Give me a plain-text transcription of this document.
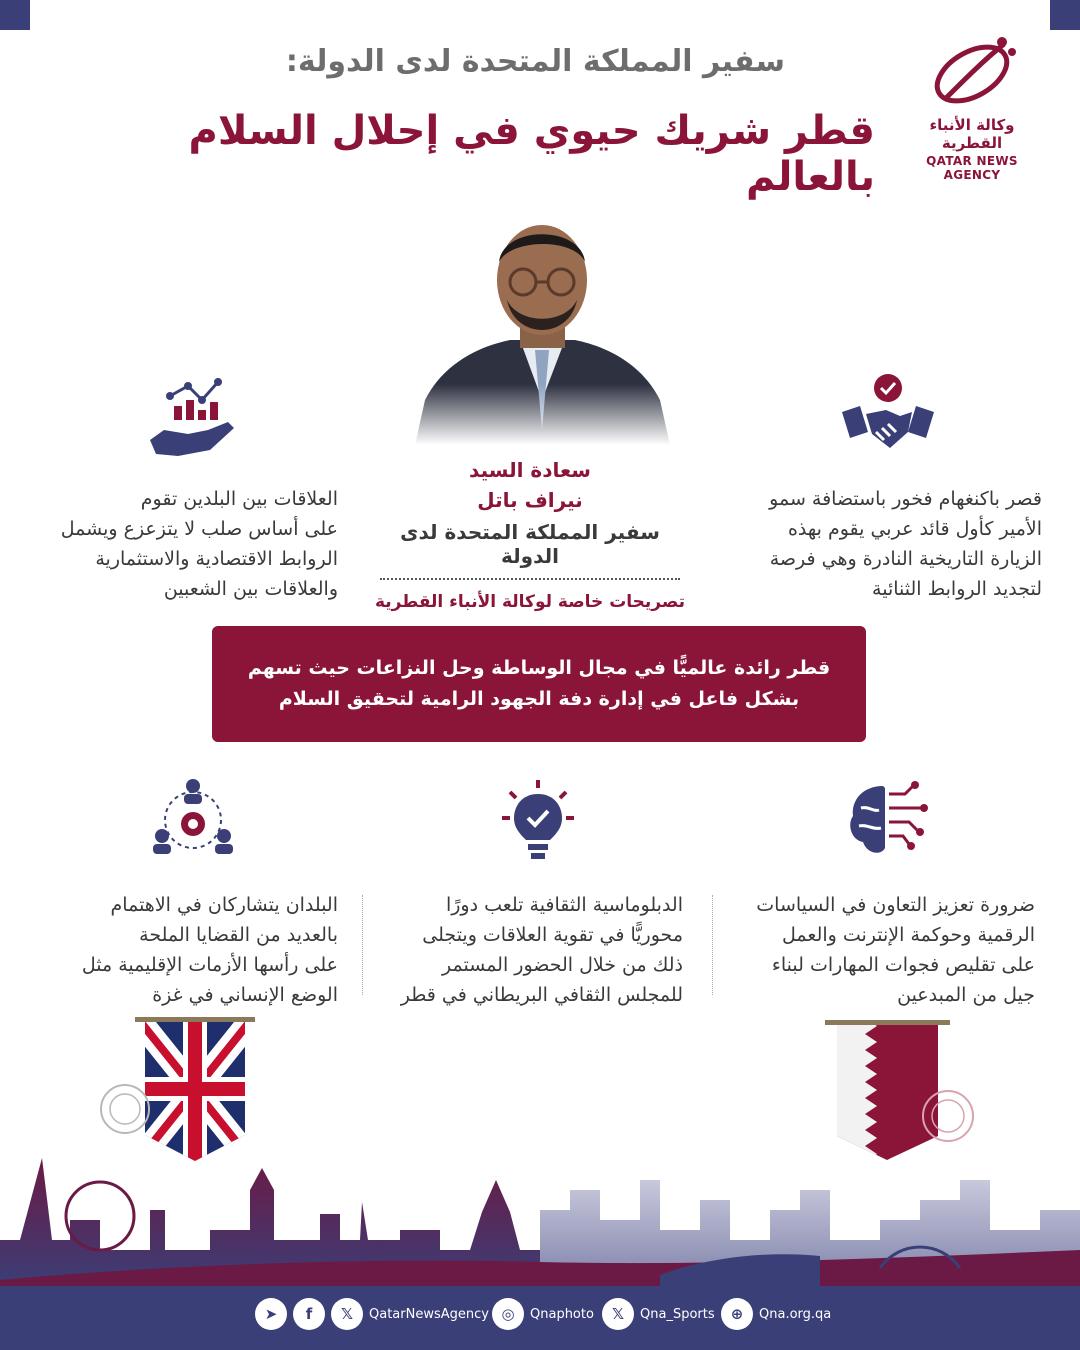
وكالة الأنباء القطرية
QATAR NEWS AGENCY
سفير المملكة المتحدة لدى الدولة:
قطر شريك حيوي في إحلال السلام بالعالم
سعادة السيد
نيراف باتل
سفير المملكة المتحدة لدى الدولة
تصريحات خاصة لوكالة الأنباء القطرية
قصر باكنغهام فخور باستضافة سمو
الأمير كأول قائد عربي يقوم بهذه
الزيارة التاريخية النادرة وهي فرصة
لتجديد الروابط الثنائية
العلاقات بين البلدين تقوم
على أساس صلب لا يتزعزع ويشمل
الروابط الاقتصادية والاستثمارية
والعلاقات بين الشعبين
قطر رائدة عالميًّا في مجال الوساطة وحل النزاعات حيث تسهم
بشكل فاعل في إدارة دفة الجهود الرامية لتحقيق السلام
ضرورة تعزيز التعاون في السياسات
الرقمية وحوكمة الإنترنت والعمل
على تقليص فجوات المهارات لبناء
جيل من المبدعين
الدبلوماسية الثقافية تلعب دورًا
محوريًّا في تقوية العلاقات ويتجلى
ذلك من خلال الحضور المستمر
للمجلس الثقافي البريطاني في قطر
البلدان يتشاركان في الاهتمام
بالعديد من القضايا الملحة
على رأسها الأزمات الإقليمية مثل
الوضع الإنساني في غزة
➤	f	𝕏	QatarNewsAgency ◎	Qnaphoto	𝕏	Qna_Sports	⊕	Qna.org.qa
